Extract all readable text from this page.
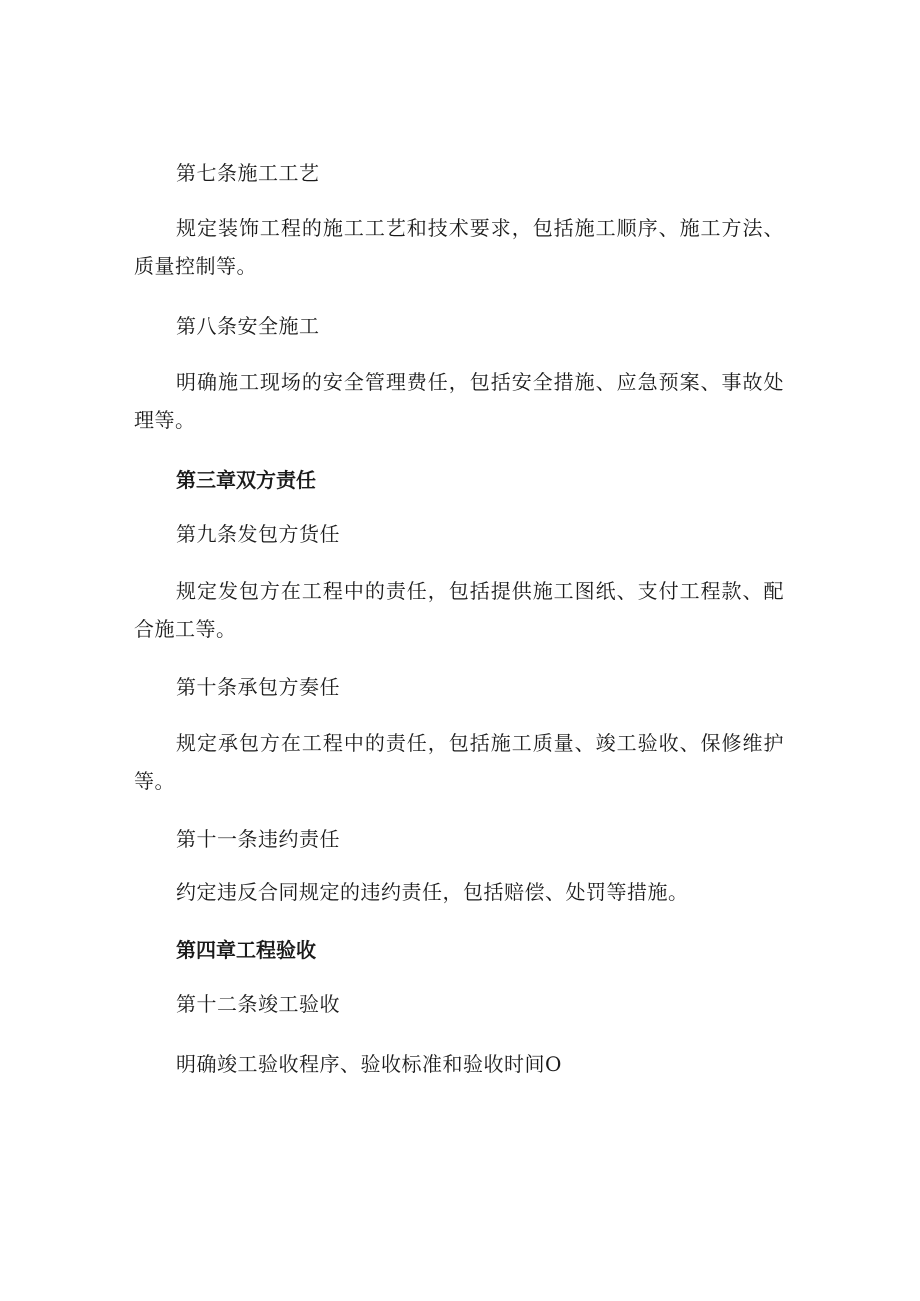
第七条施工工艺
规定装饰工程的施工工艺和技术要求，包括施工顺序、施工方法、质量控制等。
第八条安全施工
明确施工现场的安全管理费任，包括安全措施、应急预案、事故处理等。
第三章双方责任
第九条发包方货任
规定发包方在工程中的责任，包括提供施工图纸、支付工程款、配合施工等。
第十条承包方奏任
规定承包方在工程中的责任，包括施工质量、竣工验收、保修维护等。
第十一条违约责任
约定违反合同规定的违约责任，包括赔偿、处罚等措施。
第四章工程验收
第十二条竣工验收
明确竣工验收程序、验收标准和验收时间O
